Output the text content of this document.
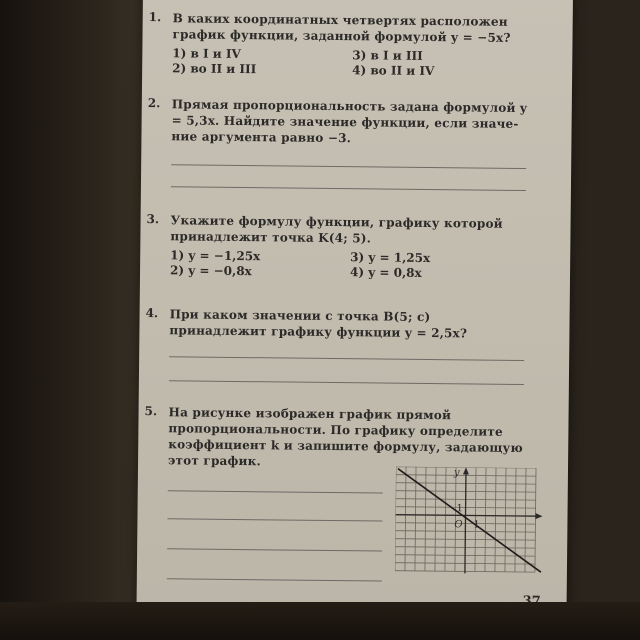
1. В каких координатных четвертях расположен график функции, заданной формулой y = −5x?
1) в I и IV	3) в I и III
2) во II и III	4) во II и IV
2. Прямая пропорциональность задана формулой y = 5,3x. Найдите значение функции, если значение аргумента равно −3.
3. Укажите формулу функции, графику которой принадлежит точка K(4; 5).
1) y = −1,25x	3) y = 1,25x
2) y = −0,8x	4) y = 0,8x
4. При каком значении с точка B(5; c) принадлежит графику функции y = 2,5x?
5. На рисунке изображен график прямой пропорциональности. По графику определите коэффициент k и запишите формулу, задающую этот график.
y
1
1
O
